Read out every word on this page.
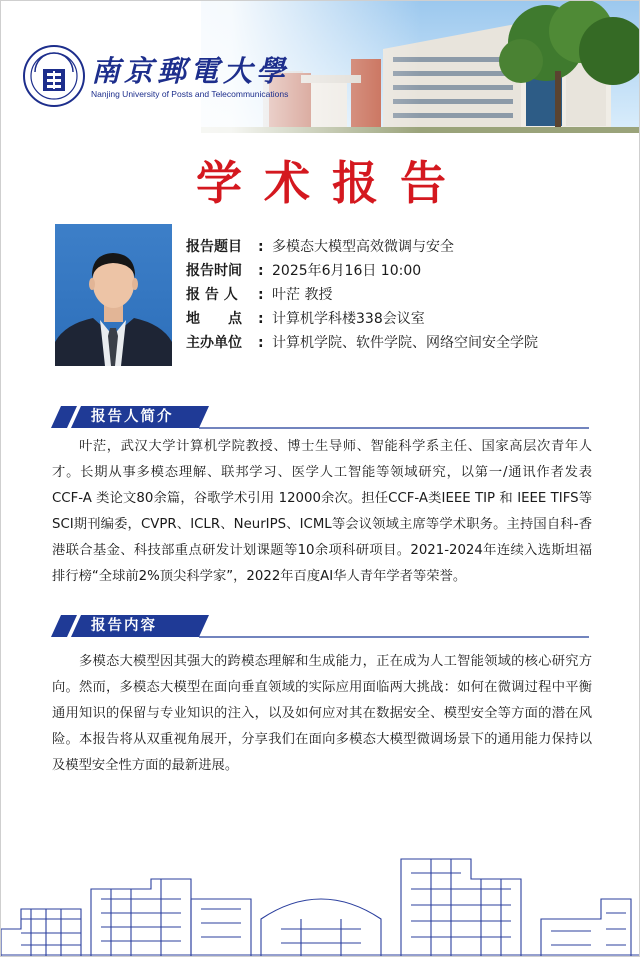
南京郵電大學
Nanjing University of Posts and Telecommunications
学术报告
报告题目	: 多模态大模型高效微调与安全
报告时间	: 2025年6月16日 10:00
报 告 人	: 叶茫 教授
地　　点	: 计算机学科楼338会议室
主办单位	: 计算机学院、软件学院、网络空间安全学院
报告人简介
叶茫，武汉大学计算机学院教授、博士生导师、智能科学系主任、国家高层次青年人才。长期从事多模态理解、联邦学习、医学人工智能等领域研究，以第一/通讯作者发表 CCF-A 类论文80余篇，谷歌学术引用 12000余次。担任CCF-A类IEEE TIP 和 IEEE TIFS等SCI期刊编委，CVPR、ICLR、NeurIPS、ICML等会议领域主席等学术职务。主持国自科-香港联合基金、科技部重点研发计划课题等10余项科研项目。2021-2024年连续入选斯坦福排行榜“全球前2%顶尖科学家”，2022年百度AI华人青年学者等荣誉。
报告内容
多模态大模型因其强大的跨模态理解和生成能力，正在成为人工智能领域的核心研究方向。然而，多模态大模型在面向垂直领域的实际应用面临两大挑战：如何在微调过程中平衡通用知识的保留与专业知识的注入，以及如何应对其在数据安全、模型安全等方面的潜在风险。本报告将从双重视角展开，分享我们在面向多模态大模型微调场景下的通用能力保持以及模型安全性方面的最新进展。
